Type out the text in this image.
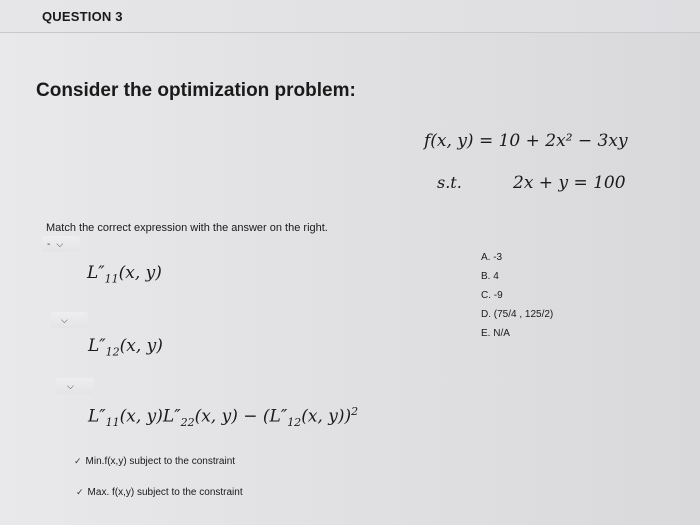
QUESTION 3
Consider the optimization problem:
f(x, y) = 10 + 2x² − 3xy
s.t.	2x + y = 100
Match the correct expression with the answer on the right.
- ⌵
$L''_{11}(x$, y)
⌵
$L''_{12}(x$, y)
⌵
$L''_{11}(x$, $y)L''_{22}(x$, $y) - (L''_{12}(x$, y))$^2$
✓ Min.f(x,y) subject to the constraint
✓ Max. f(x,y) subject to the constraint
A. -3
B. 4
C. -9
D. (75/4 , 125/2)
E. N/A
